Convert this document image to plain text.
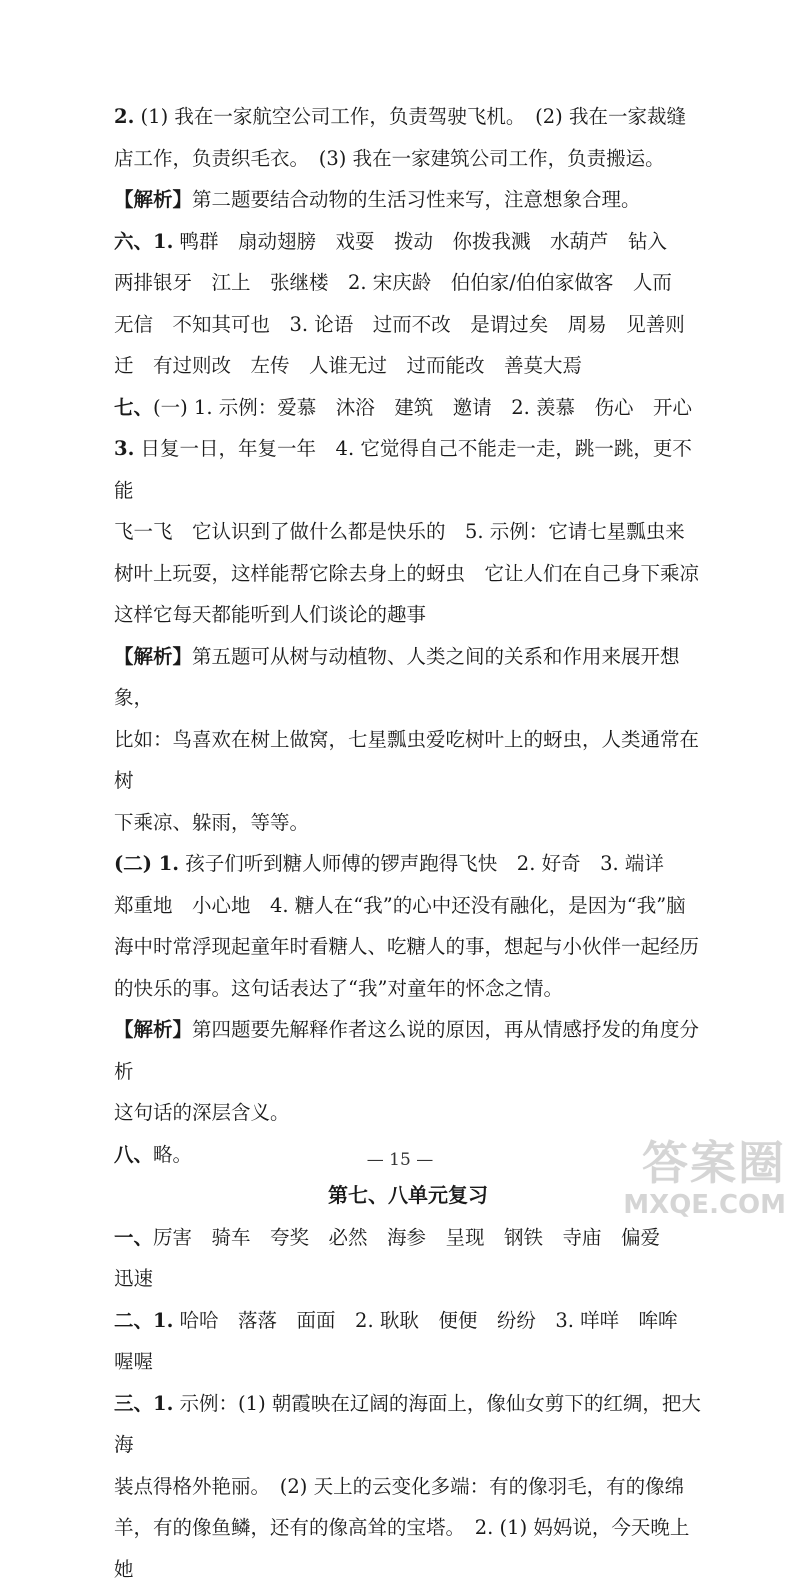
2. (1) 我在一家航空公司工作，负责驾驶飞机。　(2) 我在一家裁缝

店工作，负责织毛衣。　(3) 我在一家建筑公司工作，负责搬运。

【解析】第二题要结合动物的生活习性来写，注意想象合理。

六、1. 鸭群　扇动翅膀　戏耍　拨动　你拨我溅　水葫芦　钻入

两排银牙　江上　张继楼　2. 宋庆龄　伯伯家/伯伯家做客　人而

无信　不知其可也　3. 论语　过而不改　是谓过矣　周易　见善则

迁　有过则改　左传　人谁无过　过而能改　善莫大焉

七、(一) 1. 示例：爱慕　沐浴　建筑　邀请　2. 羡慕　伤心　开心

3. 日复一日，年复一年　4. 它觉得自己不能走一走，跳一跳，更不能

飞一飞　它认识到了做什么都是快乐的　5. 示例：它请七星瓢虫来

树叶上玩耍，这样能帮它除去身上的蚜虫　它让人们在自己身下乘凉

这样它每天都能听到人们谈论的趣事

【解析】第五题可从树与动植物、人类之间的关系和作用来展开想象，

比如：鸟喜欢在树上做窝，七星瓢虫爱吃树叶上的蚜虫，人类通常在树

下乘凉、躲雨，等等。

(二) 1. 孩子们听到糖人师傅的锣声跑得飞快　2. 好奇　3. 端详

郑重地　小心地　4. 糖人在“我”的心中还没有融化，是因为“我”脑

海中时常浮现起童年时看糖人、吃糖人的事，想起与小伙伴一起经历

的快乐的事。这句话表达了“我”对童年的怀念之情。

【解析】第四题要先解释作者这么说的原因，再从情感抒发的角度分析

这句话的深层含义。

八、略。

第七、八单元复习

一、厉害　骑车　夸奖　必然　海参　呈现　钢铁　寺庙　偏爱

迅速

二、1. 哈哈　落落　面面　2. 耿耿　便便　纷纷　3. 咩咩　哞哞

喔喔

三、1. 示例：(1) 朝霞映在辽阔的海面上，像仙女剪下的红绸，把大海

装点得格外艳丽。　(2) 天上的云变化多端：有的像羽毛，有的像绵

羊，有的像鱼鳞，还有的像高耸的宝塔。　2. (1) 妈妈说，今天晚上她

— 15 —	答案圈
MXQE.COM
